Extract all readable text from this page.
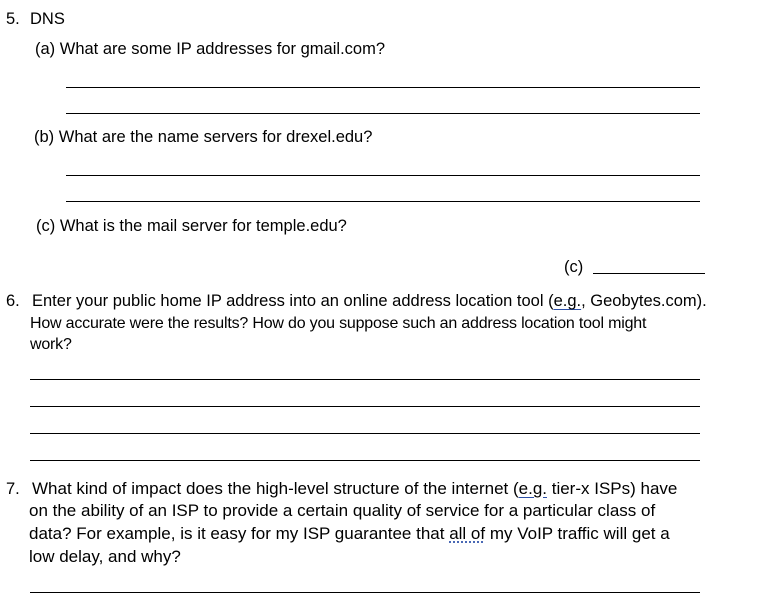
5. DNS
(a) What are some IP addresses for gmail.com?
(b) What are the name servers for drexel.edu?
(c) What is the mail server for temple.edu?
(c)
6. Enter your public home IP address into an online address location tool (e.g., Geobytes.com).
How accurate were the results? How do you suppose such an address location tool might
work?
7. What kind of impact does the high-level structure of the internet (e.g. tier-x ISPs) have
on the ability of an ISP to provide a certain quality of service for a particular class of
data? For example, is it easy for my ISP guarantee that all of my VoIP traffic will get a
low delay, and why?
